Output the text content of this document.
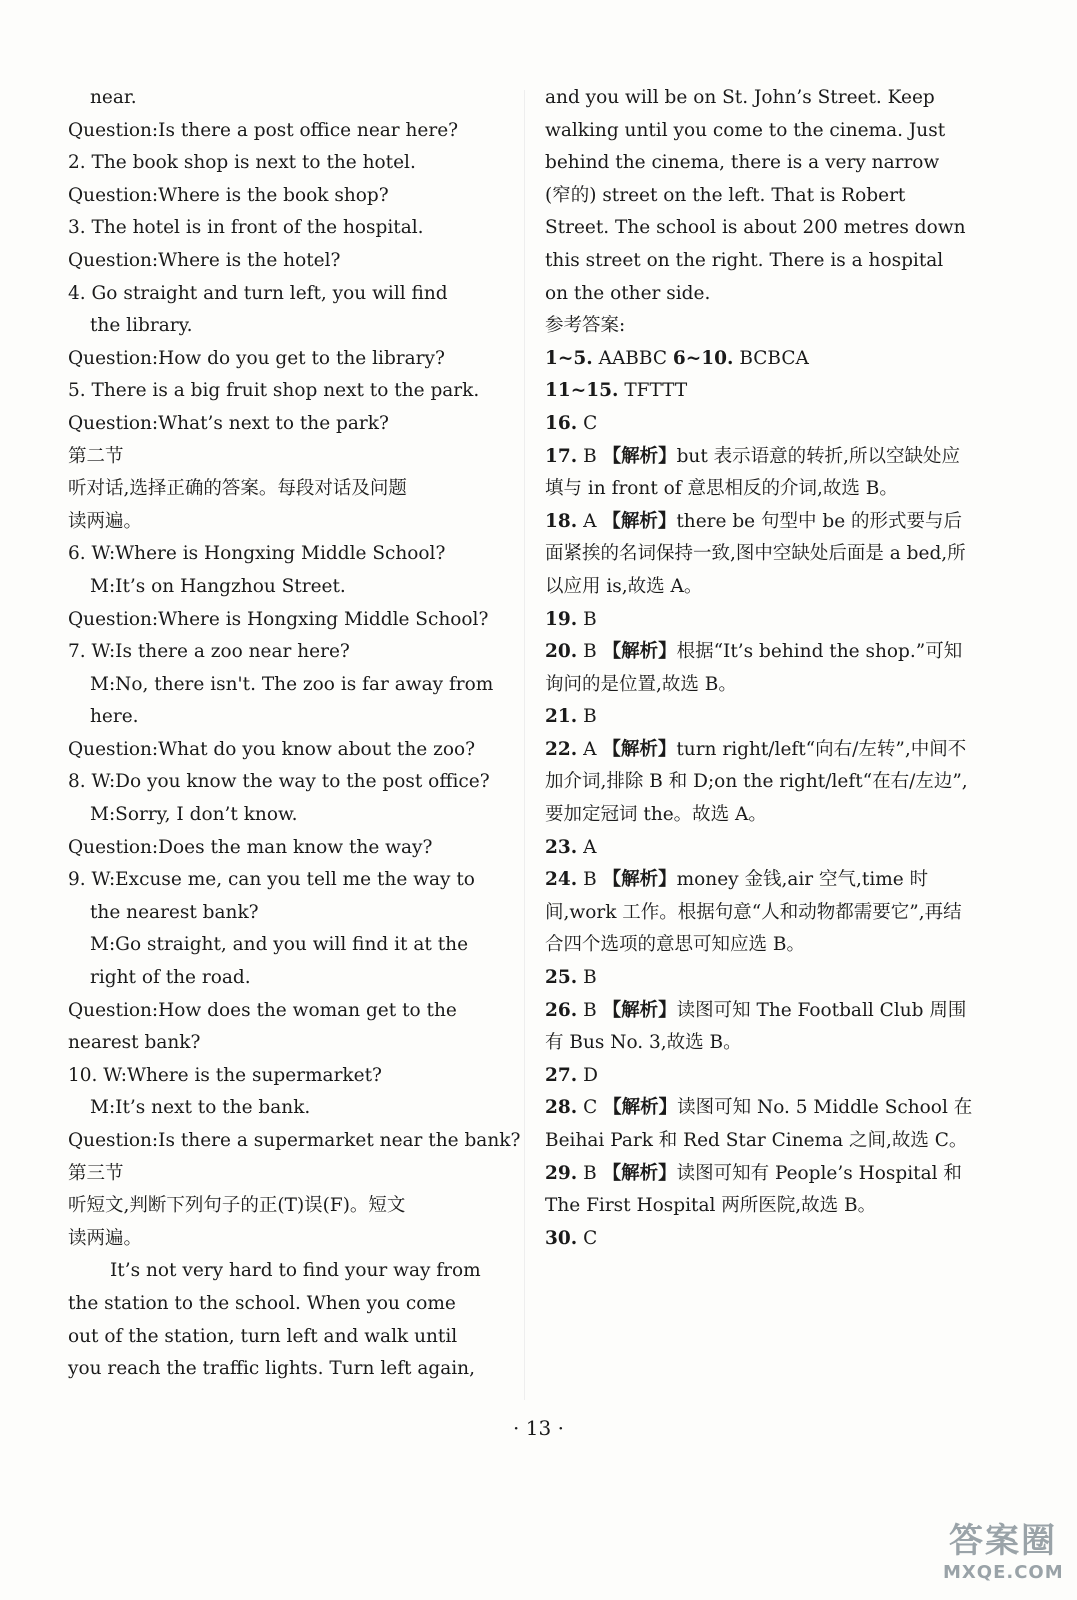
near.
Question:Is there a post office near here?
2. The book shop is next to the hotel.
Question:Where is the book shop?
3. The hotel is in front of the hospital.
Question:Where is the hotel?
4. Go straight and turn left, you will find
the library.
Question:How do you get to the library?
5. There is a big fruit shop next to the park.
Question:What’s next to the park?
第二节
听对话,选择正确的答案。每段对话及问题
读两遍。
6. W:Where is Hongxing Middle School?
M:It’s on Hangzhou Street.
Question:Where is Hongxing Middle School?
7. W:Is there a zoo near here?
M:No, there isn't. The zoo is far away from
here.
Question:What do you know about the zoo?
8. W:Do you know the way to the post office?
M:Sorry, I don’t know.
Question:Does the man know the way?
9. W:Excuse me, can you tell me the way to
the nearest bank?
M:Go straight, and you will find it at the
right of the road.
Question:How does the woman get to the
nearest bank?
10. W:Where is the supermarket?
M:It’s next to the bank.
Question:Is there a supermarket near the bank?
第三节
听短文,判断下列句子的正(T)误(F)。短文
读两遍。
It’s not very hard to find your way from
the station to the school. When you come
out of the station, turn left and walk until
you reach the traffic lights. Turn left again,
and you will be on St. John’s Street. Keep
walking until you come to the cinema. Just
behind the cinema, there is a very narrow
(窄的) street on the left. That is Robert
Street. The school is about 200 metres down
this street on the right. There is a hospital
on the other side.
参考答案:
1~5. AABBC 6~10. BCBCA
11~15. TFTTT
16. C
17. B 【解析】but 表示语意的转折,所以空缺处应填与 in front of 意思相反的介词,故选 B。
18. A 【解析】there be 句型中 be 的形式要与后面紧挨的名词保持一致,图中空缺处后面是 a bed,所以应用 is,故选 A。
19. B
20. B 【解析】根据“It’s behind the shop.”可知询问的是位置,故选 B。
21. B
22. A 【解析】turn right/left“向右/左转”,中间不加介词,排除 B 和 D;on the right/left“在右/左边”,要加定冠词 the。故选 A。
23. A
24. B 【解析】money 金钱,air 空气,time 时间,work 工作。根据句意“人和动物都需要它”,再结合四个选项的意思可知应选 B。
25. B
26. B 【解析】读图可知 The Football Club 周围有 Bus No. 3,故选 B。
27. D
28. C 【解析】读图可知 No. 5 Middle School 在 Beihai Park 和 Red Star Cinema 之间,故选 C。
29. B 【解析】读图可知有 People’s Hospital 和 The First Hospital 两所医院,故选 B。
30. C
· 13 ·
答案圈
MXQE.COM
